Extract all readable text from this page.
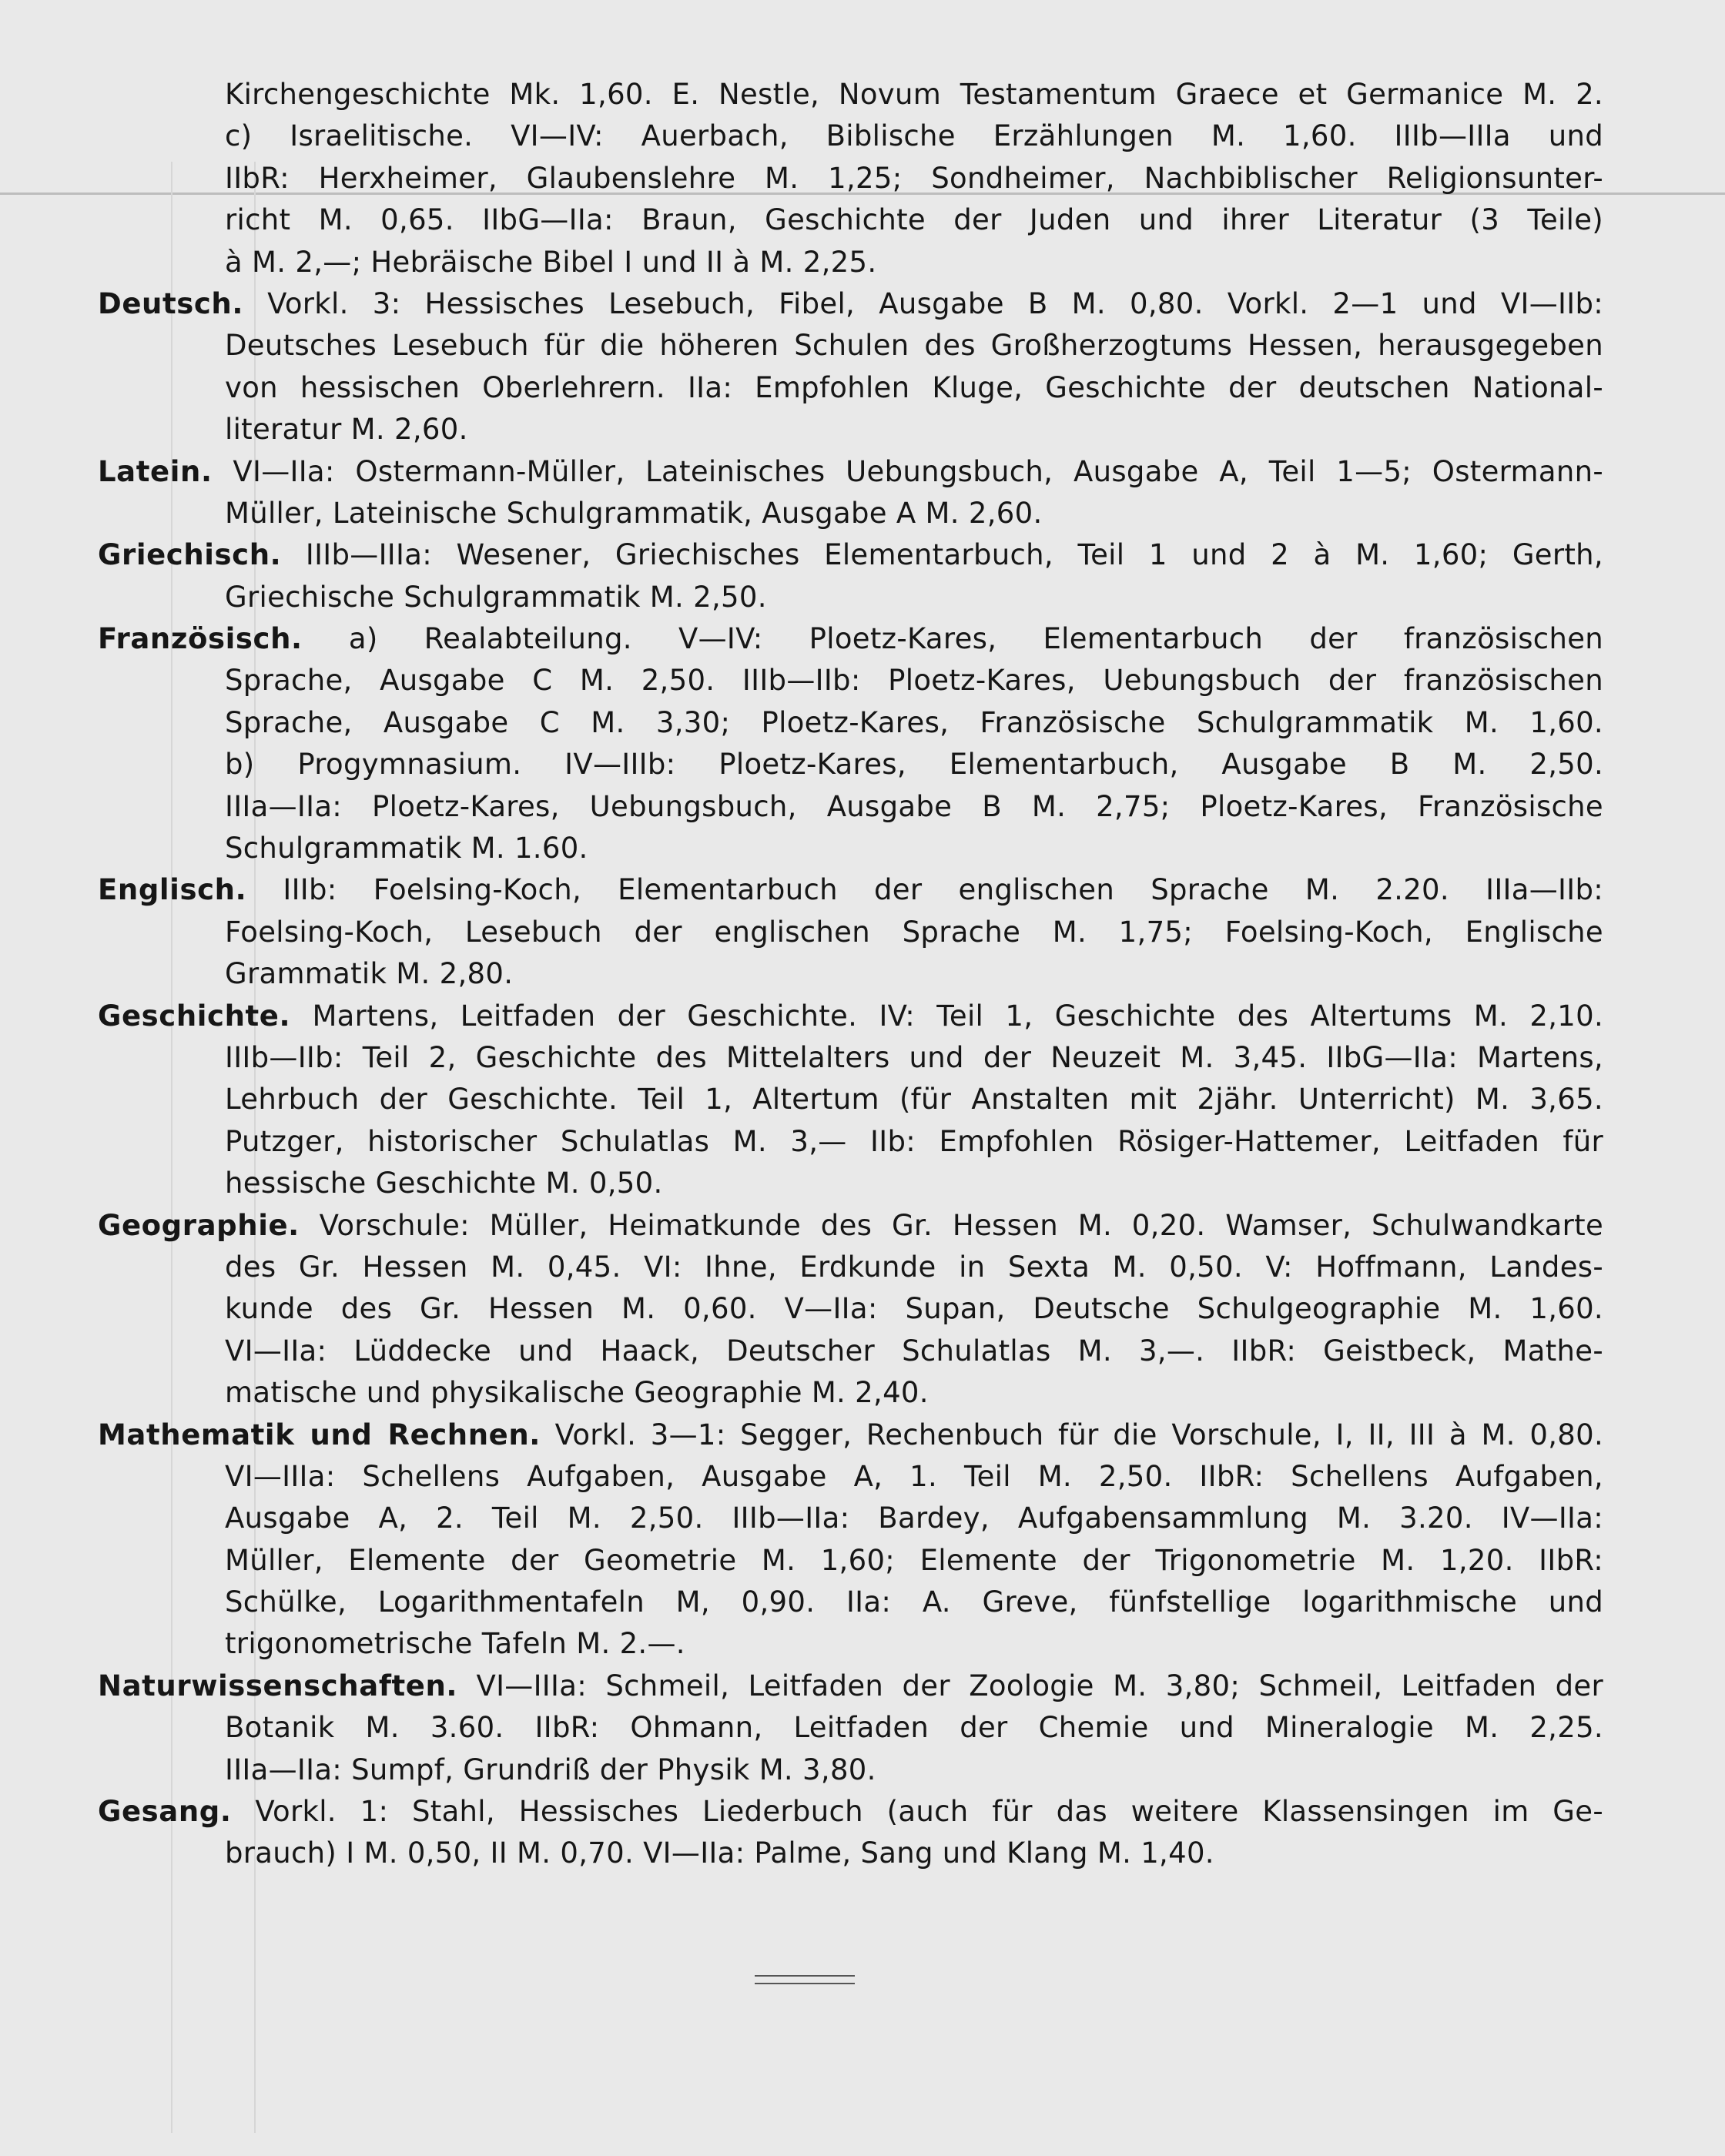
Kirchengeschichte Mk. 1,60. E. Nestle, Novum Testamentum Graece et Germanice M. 2.
c) Israelitische. VI—IV: Auerbach, Biblische Erzählungen M. 1,60. IIIb—IIIa und
IIbR: Herxheimer, Glaubenslehre M. 1,25; Sondheimer, Nachbiblischer Religionsunter-
richt M. 0,65. IIbG—IIa: Braun, Geschichte der Juden und ihrer Literatur (3 Teile)
à M. 2,—; Hebräische Bibel I und II à M. 2,25.
Deutsch. Vorkl. 3: Hessisches Lesebuch, Fibel, Ausgabe B M. 0,80. Vorkl. 2—1 und VI—IIb:
Deutsches Lesebuch für die höheren Schulen des Großherzogtums Hessen, herausgegeben
von hessischen Oberlehrern. IIa: Empfohlen Kluge, Geschichte der deutschen National-
literatur M. 2,60.
Latein. VI—IIa: Ostermann-Müller, Lateinisches Uebungsbuch, Ausgabe A, Teil 1—5; Ostermann-
Müller, Lateinische Schulgrammatik, Ausgabe A M. 2,60.
Griechisch. IIIb—IIIa: Wesener, Griechisches Elementarbuch, Teil 1 und 2 à M. 1,60; Gerth,
Griechische Schulgrammatik M. 2,50.
Französisch. a) Realabteilung. V—IV: Ploetz-Kares, Elementarbuch der französischen
Sprache, Ausgabe C M. 2,50. IIIb—IIb: Ploetz-Kares, Uebungsbuch der französischen
Sprache, Ausgabe C M. 3,30; Ploetz-Kares, Französische Schulgrammatik M. 1,60.
b) Progymnasium. IV—IIIb: Ploetz-Kares, Elementarbuch, Ausgabe B M. 2,50.
IIIa—IIa: Ploetz-Kares, Uebungsbuch, Ausgabe B M. 2,75; Ploetz-Kares, Französische
Schulgrammatik M. 1.60.
Englisch. IIIb: Foelsing-Koch, Elementarbuch der englischen Sprache M. 2.20. IIIa—IIb:
Foelsing-Koch, Lesebuch der englischen Sprache M. 1,75; Foelsing-Koch, Englische
Grammatik M. 2,80.
Geschichte. Martens, Leitfaden der Geschichte. IV: Teil 1, Geschichte des Altertums M. 2,10.
IIIb—IIb: Teil 2, Geschichte des Mittelalters und der Neuzeit M. 3,45. IIbG—IIa: Martens,
Lehrbuch der Geschichte. Teil 1, Altertum (für Anstalten mit 2jähr. Unterricht) M. 3,65.
Putzger, historischer Schulatlas M. 3,— IIb: Empfohlen Rösiger-Hattemer, Leitfaden für
hessische Geschichte M. 0,50.
Geographie. Vorschule: Müller, Heimatkunde des Gr. Hessen M. 0,20. Wamser, Schulwandkarte
des Gr. Hessen M. 0,45. VI: Ihne, Erdkunde in Sexta M. 0,50. V: Hoffmann, Landes-
kunde des Gr. Hessen M. 0,60. V—IIa: Supan, Deutsche Schulgeographie M. 1,60.
VI—IIa: Lüddecke und Haack, Deutscher Schulatlas M. 3,—. IIbR: Geistbeck, Mathe-
matische und physikalische Geographie M. 2,40.
Mathematik und Rechnen. Vorkl. 3—1: Segger, Rechenbuch für die Vorschule, I, II, III à M. 0,80.
VI—IIIa: Schellens Aufgaben, Ausgabe A, 1. Teil M. 2,50. IIbR: Schellens Aufgaben,
Ausgabe A, 2. Teil M. 2,50. IIIb—IIa: Bardey, Aufgabensammlung M. 3.20. IV—IIa:
Müller, Elemente der Geometrie M. 1,60; Elemente der Trigonometrie M. 1,20. IIbR:
Schülke, Logarithmentafeln M, 0,90. IIa: A. Greve, fünfstellige logarithmische und
trigonometrische Tafeln M. 2.—.
Naturwissenschaften. VI—IIIa: Schmeil, Leitfaden der Zoologie M. 3,80; Schmeil, Leitfaden der
Botanik M. 3.60. IIbR: Ohmann, Leitfaden der Chemie und Mineralogie M. 2,25.
IIIa—IIa: Sumpf, Grundriß der Physik M. 3,80.
Gesang. Vorkl. 1: Stahl, Hessisches Liederbuch (auch für das weitere Klassensingen im Ge-
brauch) I M. 0,50, II M. 0,70. VI—IIa: Palme, Sang und Klang M. 1,40.
